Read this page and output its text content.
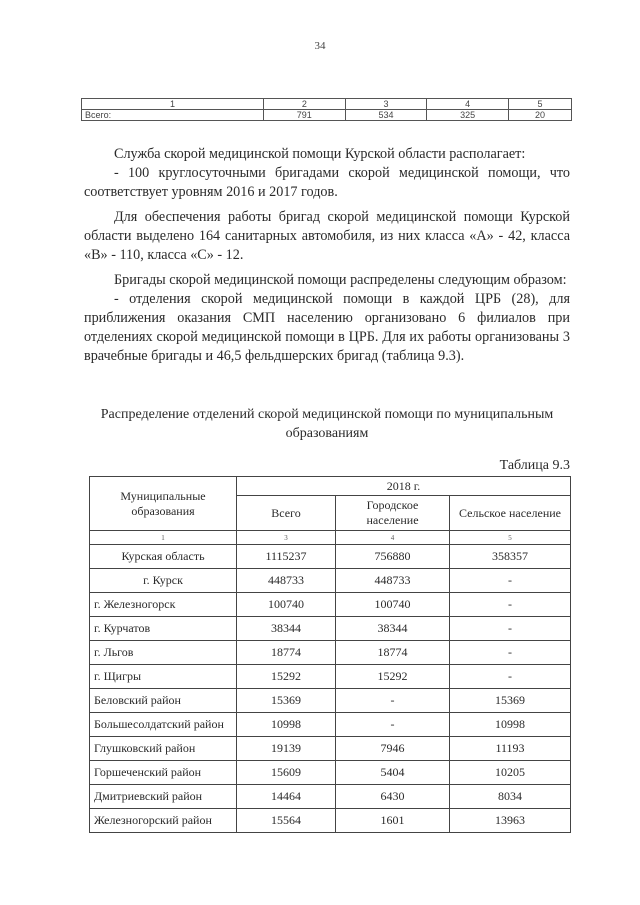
34
1	2	3	4	5
Всего:	791	534	325	20

Служба скорой медицинской помощи Курской области располагает:

- 100 круглосуточными бригадами скорой медицинской помощи, что соответствует уровням 2016 и 2017 годов.

Для обеспечения работы бригад скорой медицинской помощи Курской области выделено 164 санитарных автомобиля, из них класса «А» - 42, класса «В» - 110, класса «С» - 12.

Бригады скорой медицинской помощи распределены следующим образом:

- отделения скорой медицинской помощи в каждой ЦРБ (28), для приближения оказания СМП населению организовано 6 филиалов при отделениях скорой медицинской помощи в ЦРБ. Для их работы организованы 3 врачебные бригады и 46,5 фельдшерских бригад (таблица 9.3).

Распределение отделений скорой медицинской помощи по муниципальным образованиям
Таблица 9.3
Муниципальные образования	2018 г.		
	Всего	Городское население	Сельское население
1	3	4	5
Курская область	1115237	756880	358357
г. Курск	448733	448733	-
г. Железногорск	100740	100740	-
г. Курчатов	38344	38344	-
г. Льгов	18774	18774	-
г. Щигры	15292	15292	-
Беловский район	15369	-	15369
Большесолдатский район	10998	-	10998
Глушковский район	19139	7946	11193
Горшеченский район	15609	5404	10205
Дмитриевский район	14464	6430	8034
Железногорский район	15564	1601	13963
